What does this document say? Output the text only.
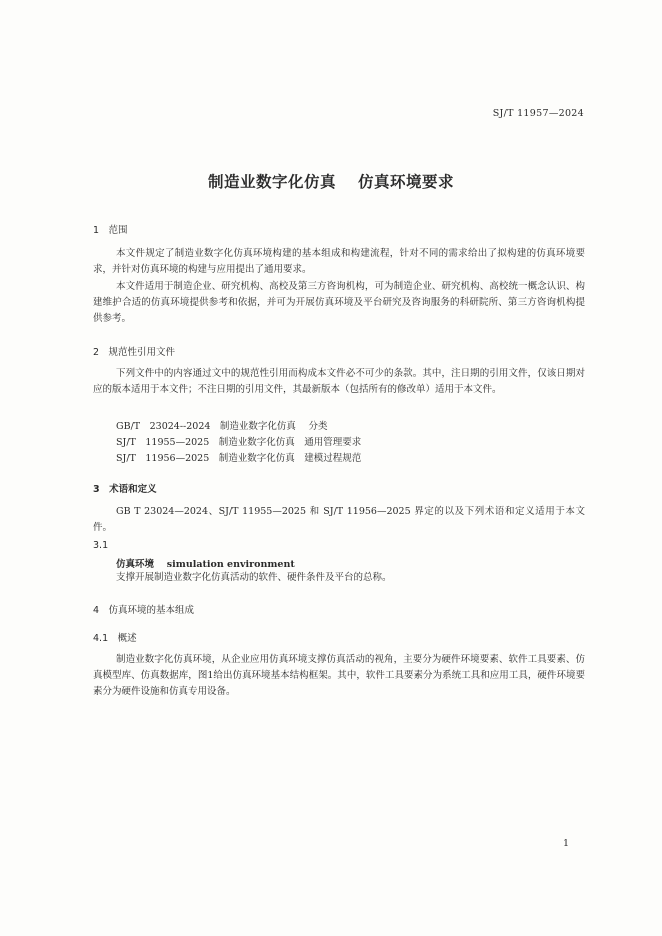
SJ/T 11957—2024
制造业数字化仿真　 仿真环境要求
1　范围
本文件规定了制造业数字化仿真环境构建的基本组成和构建流程，针对不同的需求给出了拟构建的仿真环境要求，并针对仿真环境的构建与应用提出了通用要求。
本文件适用于制造企业、研究机构、高校及第三方咨询机构，可为制造企业、研究机构、高校统一概念认识、构建维护合适的仿真环境提供参考和依据，并可为开展仿真环境及平台研究及咨询服务的科研院所、第三方咨询机构提供参考。
2　规范性引用文件
下列文件中的内容通过文中的规范性引用而构成本文件必不可少的条款。其中，注日期的引用文件，仅该日期对应的版本适用于本文件；不注日期的引用文件，其最新版本（包括所有的修改单）适用于本文件。
GB/T　23024--2024　制造业数字化仿真　 分类
SJ/T　11955—2025　制造业数字化仿真　通用管理要求
SJ/T　11956—2025　制造业数字化仿真　建模过程规范
3　术语和定义
GB T 23024—2024、SJ/T 11955—2025 和 SJ/T 11956—2025 界定的以及下列术语和定义适用于本文件。
3.1
仿真环境　 simulation environment
支撑开展制造业数字化仿真活动的软件、硬件条件及平台的总称。
4　仿真环境的基本组成
4.1　概述
制造业数字化仿真环境，从企业应用仿真环境支撑仿真活动的视角，主要分为硬件环境要素、软件工具要素、仿真模型库、仿真数据库，图1给出仿真环境基本结构框架。其中，软件工具要素分为系统工具和应用工具，硬件环境要素分为硬件设施和仿真专用设备。
1
